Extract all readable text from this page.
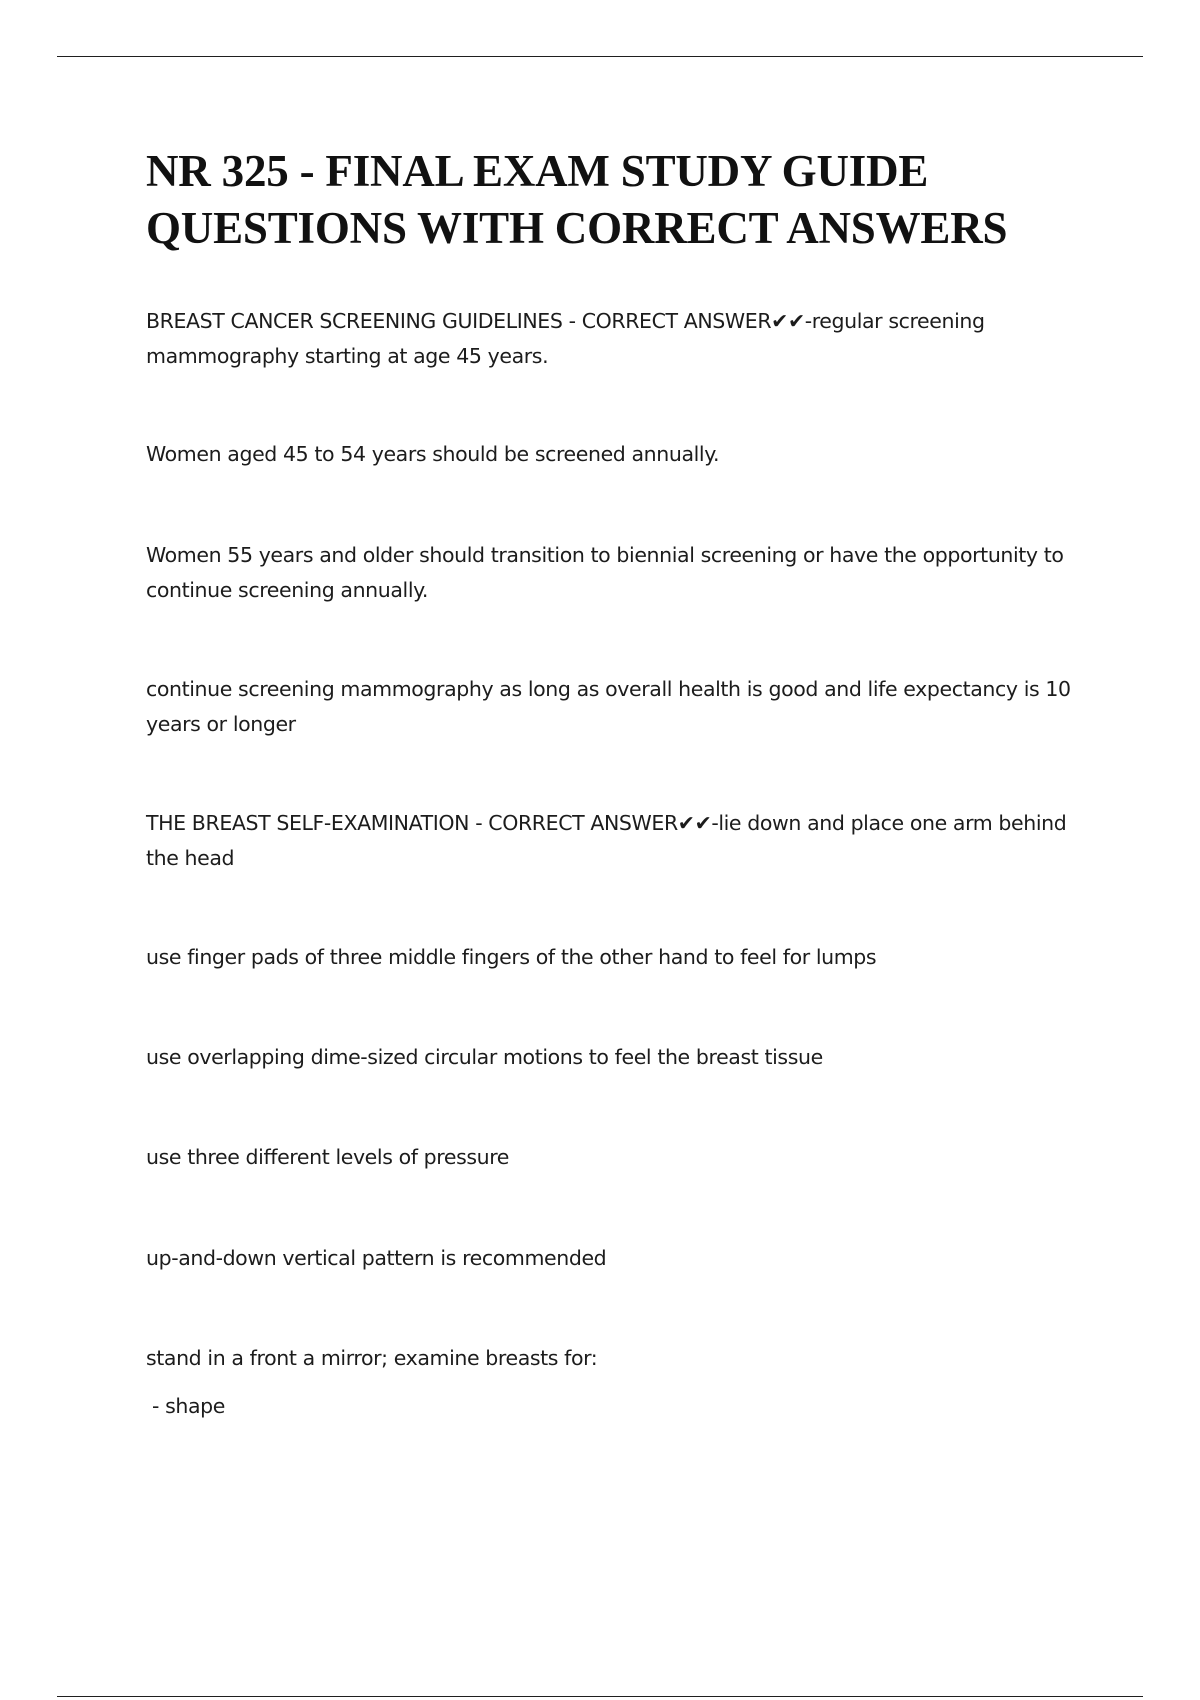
NR 325 - FINAL EXAM STUDY GUIDE
QUESTIONS WITH CORRECT ANSWERS

BREAST CANCER SCREENING GUIDELINES - CORRECT ANSWER✔✔-regular screening
mammography starting at age 45 years.

Women aged 45 to 54 years should be screened annually.

Women 55 years and older should transition to biennial screening or have the opportunity to
continue screening annually.

continue screening mammography as long as overall health is good and life expectancy is 10
years or longer

THE BREAST SELF-EXAMINATION - CORRECT ANSWER✔✔-lie down and place one arm behind
the head

use finger pads of three middle fingers of the other hand to feel for lumps

use overlapping dime-sized circular motions to feel the breast tissue

use three different levels of pressure

up-and-down vertical pattern is recommended

stand in a front a mirror; examine breasts for:

- shape
